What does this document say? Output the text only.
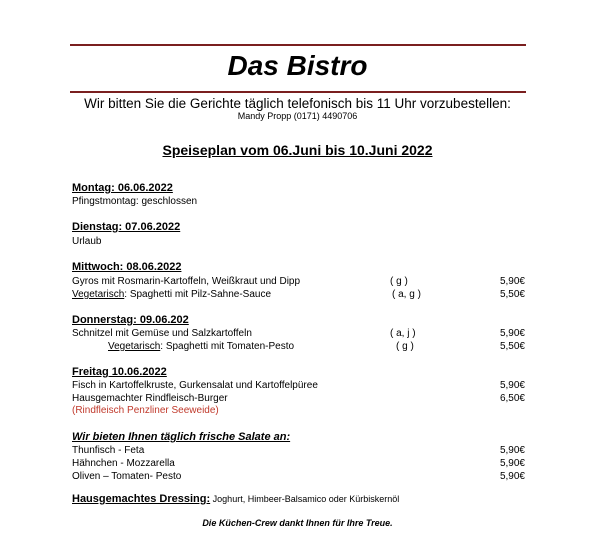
Das Bistro
Wir bitten Sie die Gerichte täglich telefonisch bis 11 Uhr vorzubestellen:
Mandy Propp (0171) 4490706
Speiseplan vom 06.Juni bis 10.Juni 2022
Montag: 06.06.2022
Pfingstmontag: geschlossen
Dienstag: 07.06.2022
Urlaub
Mittwoch: 08.06.2022
Gyros mit Rosmarin-Kartoffeln, Weißkraut und Dipp	( g )	5,90€
Vegetarisch: Spaghetti mit Pilz-Sahne-Sauce	( a, g )	5,50€
Donnerstag: 09.06.202
Schnitzel mit Gemüse und Salzkartoffeln	( a, j )	5,90€
Vegetarisch: Spaghetti mit Tomaten-Pesto	( g )	5,50€
Freitag 10.06.2022
Fisch in Kartoffelkruste, Gurkensalat und Kartoffelpüree	5,90€
Hausgemachter Rindfleisch-Burger	6,50€
(Rindfleisch Penzliner Seeweide)
Wir bieten Ihnen täglich frische Salate an:
Thunfisch - Feta	5,90€
Hähnchen - Mozzarella	5,90€
Oliven – Tomaten- Pesto	5,90€
Hausgemachtes Dressing: Joghurt, Himbeer-Balsamico oder Kürbiskernöl
Die Küchen-Crew dankt Ihnen für Ihre Treue.
